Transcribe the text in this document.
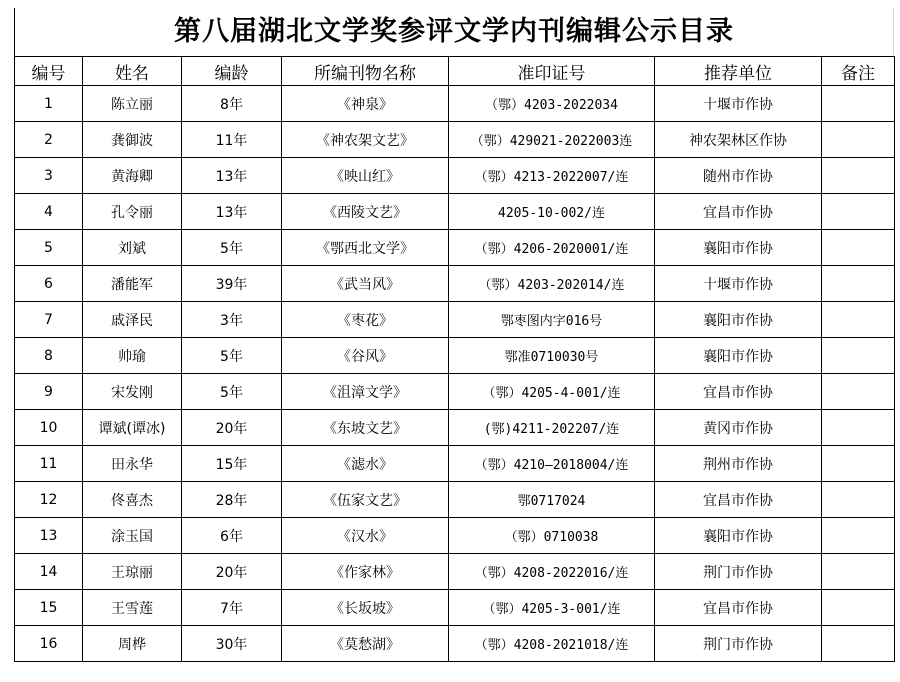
第八届湖北文学奖参评文学内刊编辑公示目录
编号	姓名	编龄	所编刊物名称	准印证号	推荐单位	备注
1	陈立丽	8年	《神泉》	（鄂）4203-2022034	十堰市作协	
2	龚御波	11年	《神农架文艺》	（鄂）429021-2022003连	神农架林区作协	
3	黄海卿	13年	《映山红》	（鄂）4213-2022007/连	随州市作协	
4	孔令丽	13年	《西陵文艺》	4205-10-002/连	宜昌市作协	
5	刘斌	5年	《鄂西北文学》	（鄂）4206-2020001/连	襄阳市作协	
6	潘能军	39年	《武当风》	（鄂）4203-202014/连	十堰市作协	
7	戚泽民	3年	《枣花》	鄂枣图内字016号	襄阳市作协	
8	帅瑜	5年	《谷风》	鄂准0710030号	襄阳市作协	
9	宋发刚	5年	《沮漳文学》	（鄂）4205-4-001/连	宜昌市作协	
10	谭斌(谭冰)	20年	《东坡文艺》	(鄂)4211-202207/连	黄冈市作协	
11	田永华	15年	《滤水》	（鄂）4210—2018004/连	荆州市作协	
12	佟喜杰	28年	《伍家文艺》	鄂0717024	宜昌市作协	
13	涂玉国	6年	《汉水》	（鄂）0710038	襄阳市作协	
14	王琼丽	20年	《作家林》	（鄂）4208-2022016/连	荆门市作协	
15	王雪莲	7年	《长坂坡》	（鄂）4205-3-001/连	宜昌市作协	
16	周桦	30年	《莫愁湖》	（鄂）4208-2021018/连	荆门市作协	
